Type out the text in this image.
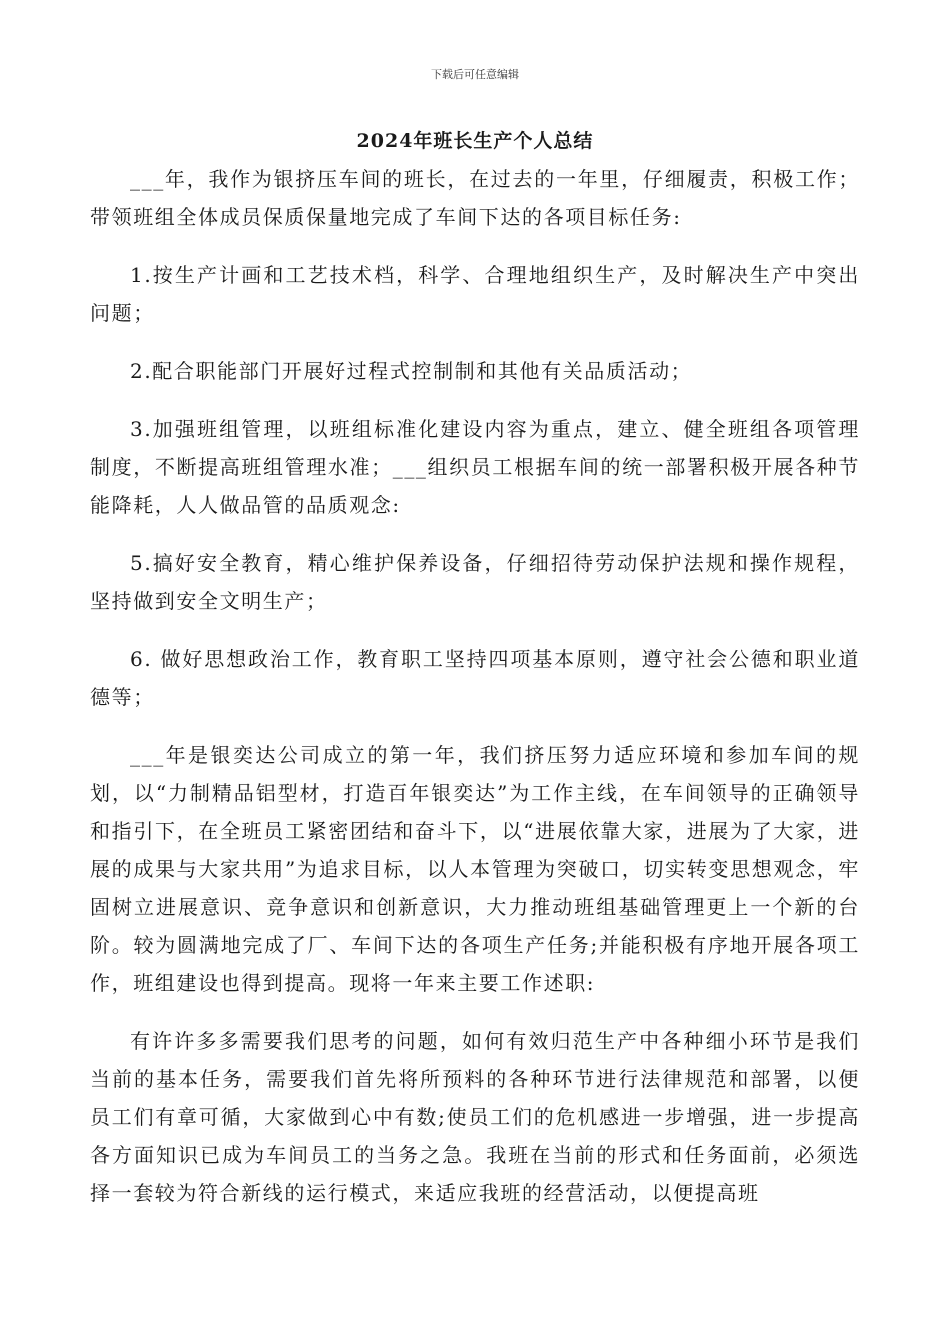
下载后可任意编辑
2024年班长生产个人总结

___年，我作为银挤压车间的班长，在过去的一年里，仔细履责，积极工作；带领班组全体成员保质保量地完成了车间下达的各项目标任务:

1.按生产计画和工艺技术档，科学、合理地组织生产，及时解决生产中突出问题；

2.配合职能部门开展好过程式控制制和其他有关品质活动；

3.加强班组管理，以班组标准化建设内容为重点，建立、健全班组各项管理制度，不断提高班组管理水准；___组织员工根据车间的统一部署积极开展各种节能降耗，人人做品管的品质观念:

5.搞好安全教育，精心维护保养设备，仔细招待劳动保护法规和操作规程，坚持做到安全文明生产；

6. 做好思想政治工作，教育职工坚持四项基本原则，遵守社会公德和职业道德等；

___年是银奕达公司成立的第一年，我们挤压努力适应环境和参加车间的规划，以“力制精品铝型材，打造百年银奕达”为工作主线，在车间领导的正确领导和指引下，在全班员工紧密团结和奋斗下，以“进展依靠大家，进展为了大家，进展的成果与大家共用”为追求目标，以人本管理为突破口，切实转变思想观念，牢固树立进展意识、竞争意识和创新意识，大力推动班组基础管理更上一个新的台阶。较为圆满地完成了厂、车间下达的各项生产任务;并能积极有序地开展各项工作，班组建设也得到提高。现将一年来主要工作述职:

有许许多多需要我们思考的问题，如何有效归范生产中各种细小环节是我们当前的基本任务，需要我们首先将所预料的各种环节进行法律规范和部署，以便员工们有章可循，大家做到心中有数;使员工们的危机感进一步增强，进一步提高各方面知识已成为车间员工的当务之急。我班在当前的形式和任务面前，必须选择一套较为符合新线的运行模式，来适应我班的经营活动，以便提高班
